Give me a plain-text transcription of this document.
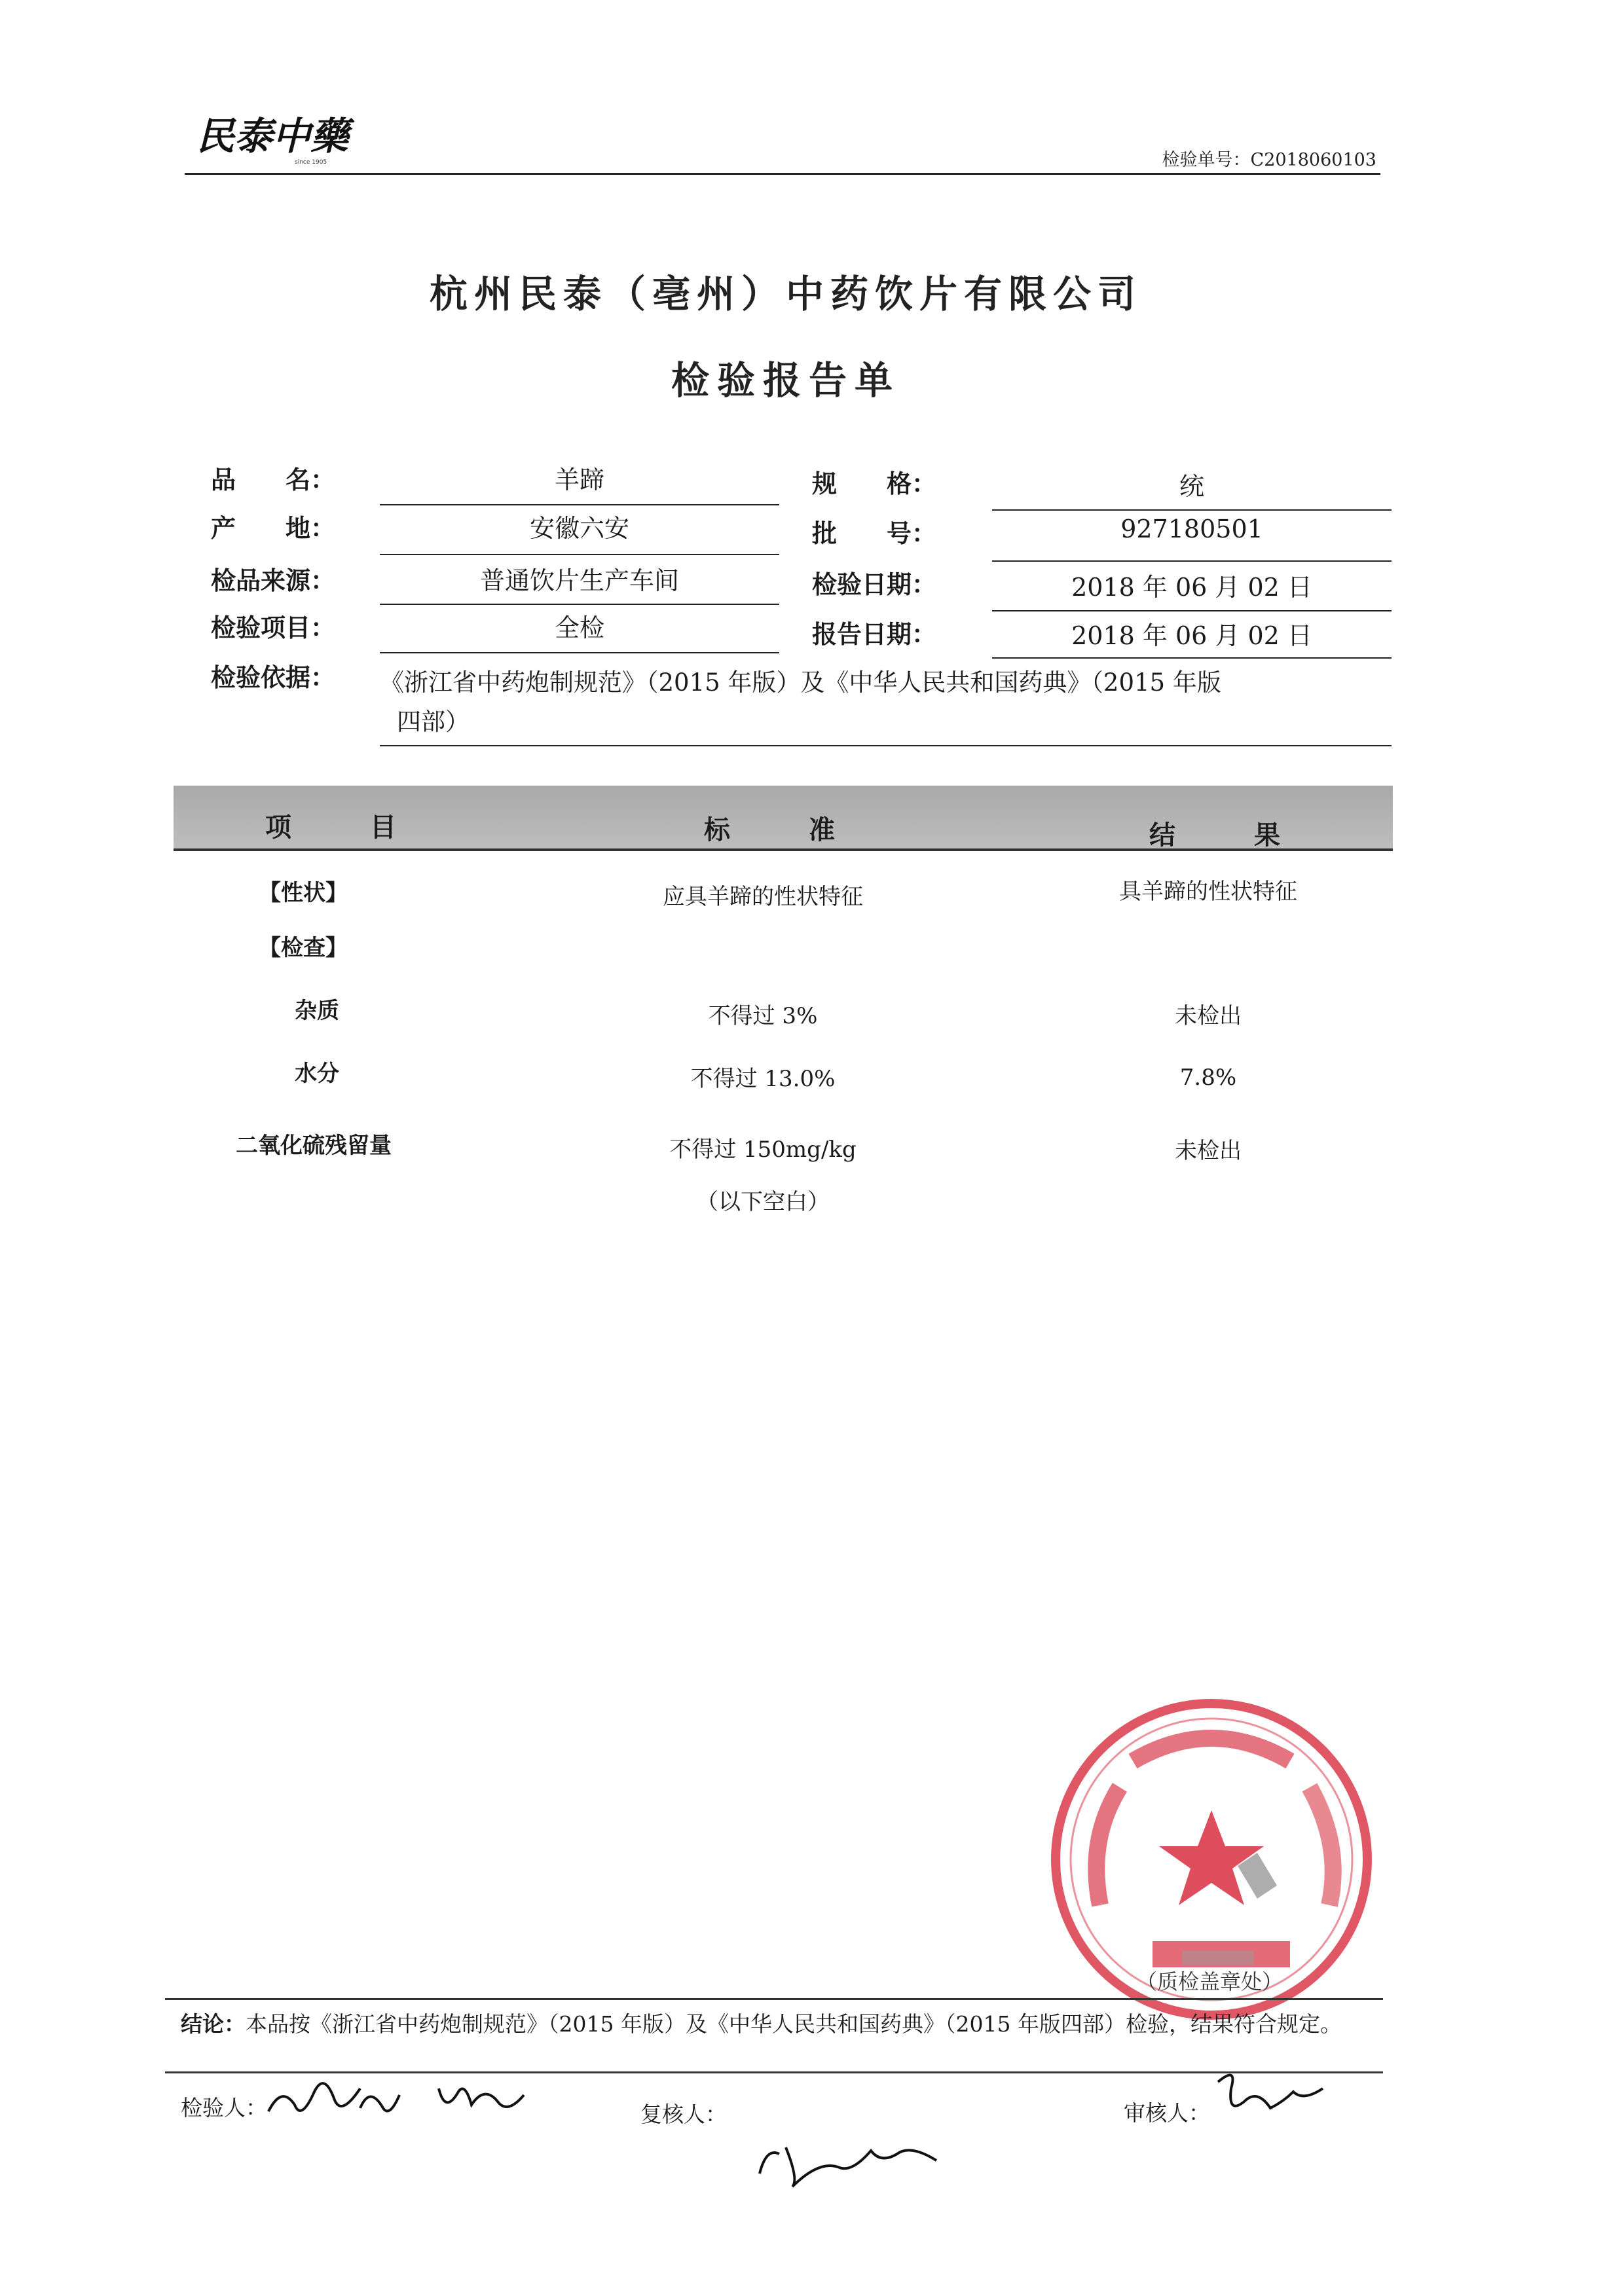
民泰中藥
since 1905	检验单号：C2018060103
杭州民泰（亳州）中药饮片有限公司
检验报告单
品　　名：	羊蹄	规　　格：	统
产　　地：	安徽六安	批　　号：	927180501
检品来源：	普通饮片生产车间	检验日期：	2018 年 06 月 02 日
检验项目：	全检	报告日期：	2018 年 06 月 02 日
检验依据： 《浙江省中药炮制规范》（2015 年版）及《中华人民共和国药典》（2015 年版
四部）
项　目	标　准	结　果
【性状】	应具羊蹄的性状特征	具羊蹄的性状特征
【检查】
杂质	不得过 3%	未检出
水分	不得过 13.0%	7.8%
二氧化硫残留量	不得过 150mg/kg	未检出
（以下空白）
（质检盖章处）
结论：本品按《浙江省中药炮制规范》（2015 年版）及《中华人民共和国药典》（2015 年版四部）检验，结果符合规定。
检验人：	复核人：	审核人：
